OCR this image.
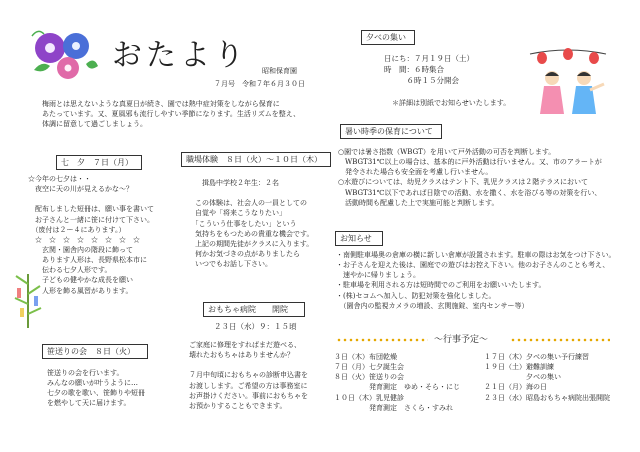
おたより 昭和保育園
７月号　令和７年６月３０日
梅雨とは思えないような真夏日が続き、園では熱中症対策をしながら保育に
あたっています。又、夏風邪も流行しやすい季節になります。生活リズムを整え、
体調に留意して過ごしましょう。
七　夕　７日（月）
☆今年の七夕は・・
　夜空に天の川が見えるかな～？

　配布しました短冊は、願い事を書いて
　お子さんと一緒に笹に付けて下さい。
　（废付は２ー４にあります。）
　☆　☆　☆　☆　☆　☆　☆　☆
　　玄関・園舎内の階段に飾って
　　あります人形は、長野県松本市に
　　伝わる七夕人形です。
　　子どもの健やかな成長を願い
　　人形を飾る風習があります。
笹送りの会　８日（火）
　笹送りの会を行います。
　みんなの願いが叶うように…
　七夕の歌を歌い、笹飾りや短冊
　を燃やして天に届けます。
職場体験　８日（火）～１０日（木）
　　揖島中学校２年生：２名

　この体験は、社会人の一員としての
　自覚や「将来こうなりたい」
　「こういう仕事をしたい」という
　気持ちをもつための貴重な機会です。
　上記の期間先徒がクラスに入ります。
　何かお気づきの点がありましたら
　いつでもお話し下さい。
おもちゃ病院　　開院
２３日（水）９：１５頃
　ご家庭に修理をすればまだ遊べる、
　壊れたおもちゃはありませんか？

　７月中旬頃におもちゃの診断申込書を
　お渡しします。ご希望の方は事務室に
　お声掛けください。事前におもちゃを
　お預かりすることもできます。
夕べの集い
日にち：７月１９日（土）
時　間：６時集合
　　　６時１５分開会
＊詳細は別紙でお知らせいたします。
暑い時季の保育について
○園では暑さ指数（WBGT）を用いて戸外活動の可否を判断します。
　WBGT31℃以上の場合は、基本的に戸外活動は行いません。又、市のアラートが
　発令された場合も安全面を考慮し行いません。
○水遊びについては、幼児クラスはテント下、乳児クラスは２階テラスにおいて
　WBGT31℃以下であれば日陰での活動、水を撒く、水を浴びる等の対策を行い、
　活動時間も配慮した上で実施可能と判断します。
お知らせ
・南側駐車場奥の倉庫の横に新しい倉庫が設置されます。駐車の際はお気をつけ下さい。
・お子さんを迎えた後は、園庭での遊びはお控え下さい。他のお子さんのことも考え、
　速やかに帰りましょう。
・駐車場を利用される方は短時間でのご利用をお願いいたします。
・(株)セコムへ加入し、防犯対策を強化しました。
　（園舎内の監視カメラの増設、玄関施錠、室内センサー等）
～行事予定～
３日（木）布団乾燥
７日（月）七夕誕生会
８日（火）笹送りの会
　　　　　発育測定　ゆめ・そら・にじ
１０日（木）乳児健診
　　　　　発育測定　さくら・すみれ
１７日（木）夕べの集い予行練習
１９日（土）避難訓練
　　　　　　夕べの集い
２１日（月）海の日
２３日（水）昭島おもちゃ病院出張開院
